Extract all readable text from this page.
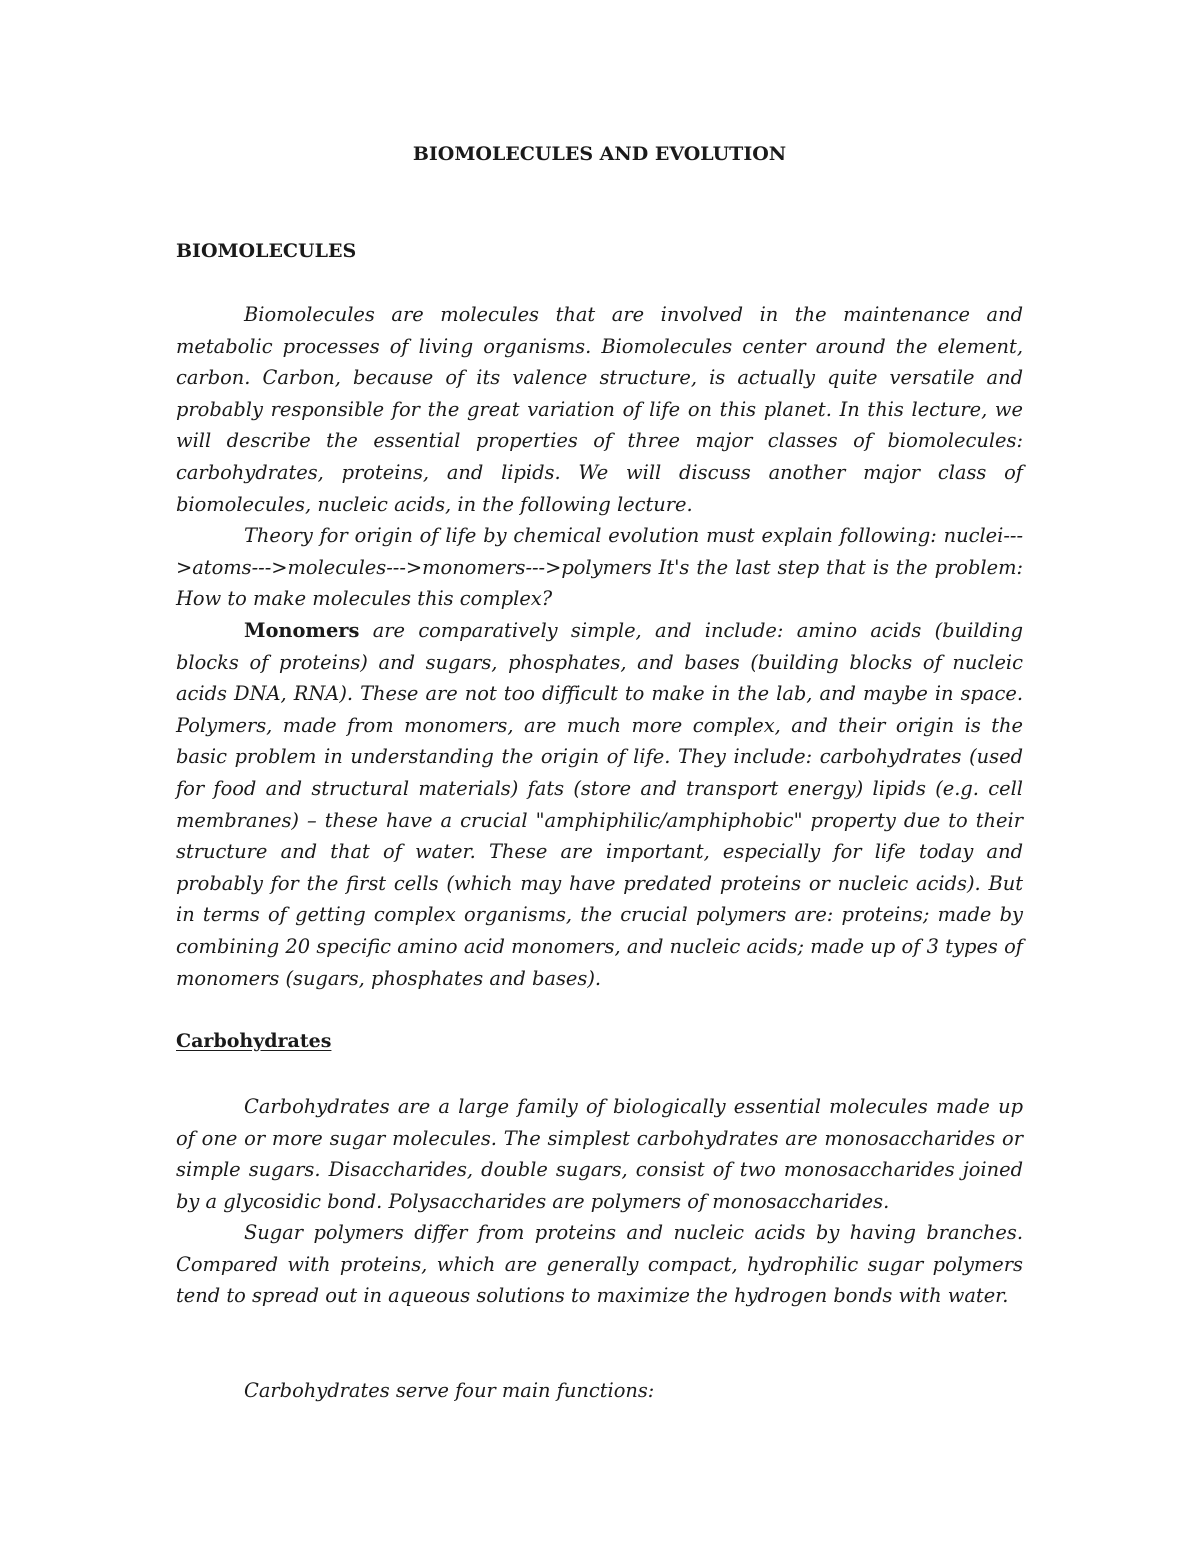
BIOMOLECULES AND EVOLUTION
BIOMOLECULES

Biomolecules are molecules that are involved in the maintenance and metabolic processes of living organisms. Biomolecules center around the element, carbon. Carbon, because of its valence structure, is actually quite versatile and probably responsible for the great variation of life on this planet. In this lecture, we will describe the essential properties of three major classes of biomolecules: carbohydrates, proteins, and lipids. We will discuss another major class of biomolecules, nucleic acids, in the following lecture.

Theory for origin of life by chemical evolution must explain following: nuclei--->atoms--->molecules--->monomers--->polymers It's the last step that is the problem: How to make molecules this complex?

Monomers are comparatively simple, and include: amino acids (building blocks of proteins) and sugars, phosphates, and bases (building blocks of nucleic acids DNA, RNA). These are not too difficult to make in the lab, and maybe in space. Polymers, made from monomers, are much more complex, and their origin is the basic problem in understanding the origin of life. They include: carbohydrates (used for food and structural materials) fats (store and transport energy) lipids (e.g. cell membranes) – these have a crucial "amphiphilic/amphiphobic" property due to their structure and that of water. These are important, especially for life today and probably for the first cells (which may have predated proteins or nucleic acids). But in terms of getting complex organisms, the crucial polymers are: proteins; made by combining 20 specific amino acid monomers, and nucleic acids; made up of 3 types of monomers (sugars, phosphates and bases).

Carbohydrates

Carbohydrates are a large family of biologically essential molecules made up of one or more sugar molecules. The simplest carbohydrates are monosaccharides or simple sugars. Disaccharides, double sugars, consist of two monosaccharides joined by a glycosidic bond. Polysaccharides are polymers of monosaccharides.

Sugar polymers differ from proteins and nucleic acids by having branches. Compared with proteins, which are generally compact, hydrophilic sugar polymers tend to spread out in aqueous solutions to maximize the hydrogen bonds with water.

Carbohydrates serve four main functions:
